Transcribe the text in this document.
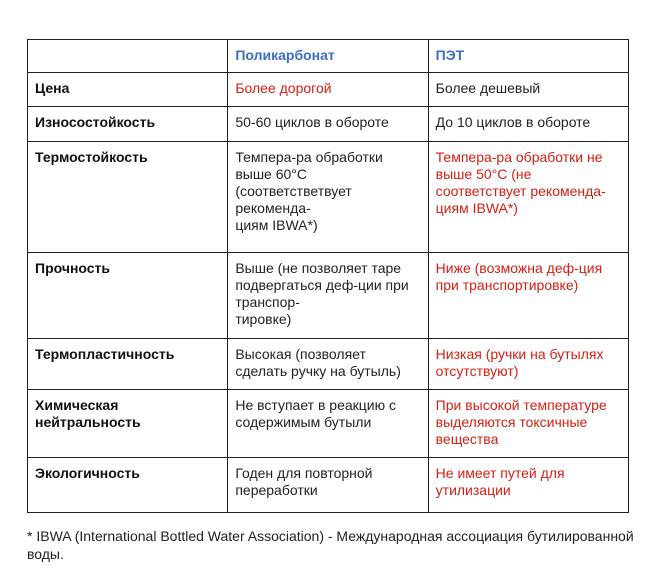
	Поликарбонат	ПЭТ
Цена	Более дорогой	Более дешевый
Износостойкость	50-60 циклов в обороте	До 10 циклов в обороте
Термостойкость	Темпера-ра обработки
выше 60°С
(соответстветвует
рекоменда-
циям IBWA*)	Темпера-ра обработки не
выше 50°С (не
соответствует рекоменда-
циям IBWA*)
Прочность	Выше (не позволяет таре
подвергаться деф-ции при
транспор-
тировке)	Ниже (возможна деф-ция
при транспортировке)
Термопластичность	Высокая (позволяет
сделать ручку на бутыль)	Низкая (ручки на бутылях
отсутствуют)
Химическая
нейтральность	Не вступает в реакцию с
содержимым бутыли	При высокой температуре
выделяются токсичные
вещества
Экологичность	Годен для повторной
переработки	Не имеет путей для
утилизации
* IBWA (International Bottled Water Association) - Международная ассоциация бутилированной воды.
